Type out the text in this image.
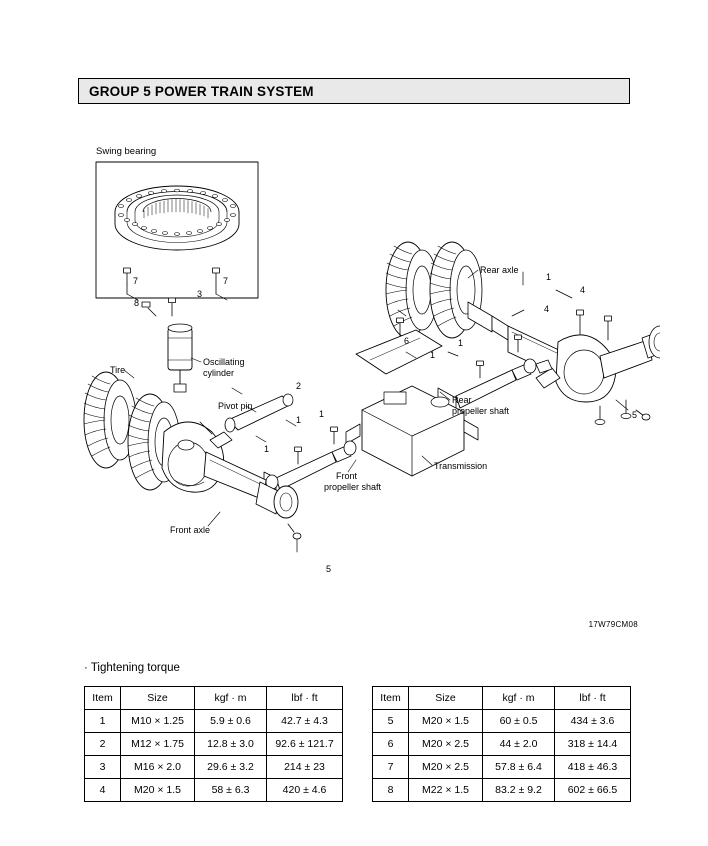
GROUP 5 POWER TRAIN SYSTEM
8
3
2
1
1
1
6
1
1
1
4
4
5
5
7	7
Swing bearing
Tire
Oscillating
cylinder
Pivot pin
Front axle
Front
propeller shaft
Transmission
Rear
propeller shaft
Rear axle
17W79CM08
· Tightening torque
Item	Size	kgf · m	lbf · ft
1	M10 × 1.25	5.9 ± 0.6	42.7 ± 4.3
2	M12 × 1.75	12.8 ± 3.0	92.6 ± 121.7
3	M16 × 2.0	29.6 ± 3.2	214 ± 23
4	M20 × 1.5	58 ± 6.3	420 ± 4.6
Item	Size	kgf · m	lbf · ft
5	M20 × 1.5	60 ± 0.5	434 ± 3.6
6	M20 × 2.5	44 ± 2.0	318 ± 14.4
7	M20 × 2.5	57.8 ± 6.4	418 ± 46.3
8	M22 × 1.5	83.2 ± 9.2	602 ± 66.5
